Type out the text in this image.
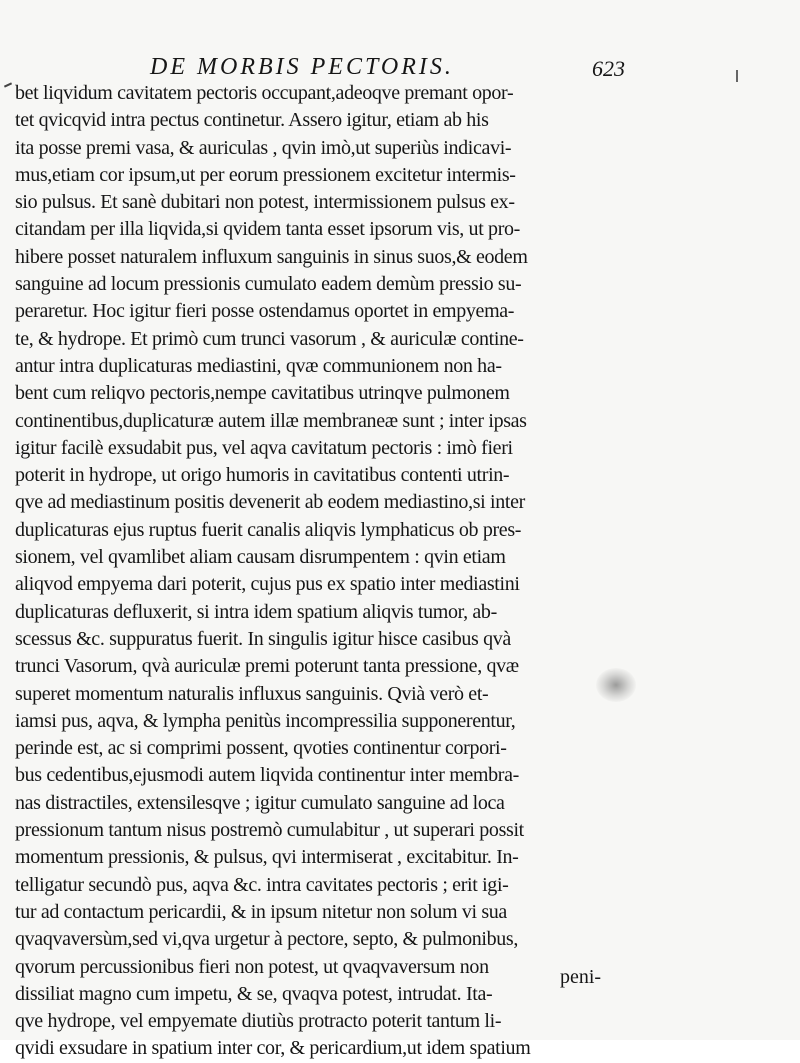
DE MORBIS PECTORIS.	623
bet liqvidum cavitatem pectoris occupant,adeoqve premant opor-
tet qvicqvid intra pectus continetur. Assero igitur, etiam ab his
ita posse premi vasa, & auriculas , qvin imò,ut superiùs indicavi-
mus,etiam cor ipsum,ut per eorum pressionem excitetur intermis-
sio pulsus. Et sanè dubitari non potest, intermissionem pulsus ex-
citandam per illa liqvida,si qvidem tanta esset ipsorum vis, ut pro-
hibere posset naturalem influxum sanguinis in sinus suos,& eodem
sanguine ad locum pressionis cumulato eadem demùm pressio su-
peraretur. Hoc igitur fieri posse ostendamus oportet in empyema-
te, & hydrope. Et primò cum trunci vasorum , & auriculæ contine-
antur intra duplicaturas mediastini, qvæ communionem non ha-
bent cum reliqvo pectoris,nempe cavitatibus utrinqve pulmonem
continentibus,duplicaturæ autem illæ membraneæ sunt ; inter ipsas
igitur facilè exsudabit pus, vel aqva cavitatum pectoris : imò fieri
poterit in hydrope, ut origo humoris in cavitatibus contenti utrin-
qve ad mediastinum positis devenerit ab eodem mediastino,si inter
duplicaturas ejus ruptus fuerit canalis aliqvis lymphaticus ob pres-
sionem, vel qvamlibet aliam causam disrumpentem : qvin etiam
aliqvod empyema dari poterit, cujus pus ex spatio inter mediastini
duplicaturas defluxerit, si intra idem spatium aliqvis tumor, ab-
scessus &c. suppuratus fuerit. In singulis igitur hisce casibus qvà
trunci Vasorum, qvà auriculæ premi poterunt tanta pressione, qvæ
superet momentum naturalis influxus sanguinis. Qvià verò et-
iamsi pus, aqva, & lympha penitùs incompressilia supponerentur,
perinde est, ac si comprimi possent, qvoties continentur corpori-
bus cedentibus,ejusmodi autem liqvida continentur inter membra-
nas distractiles, extensilesqve ; igitur cumulato sanguine ad loca
pressionum tantum nisus postremò cumulabitur , ut superari possit
momentum pressionis, & pulsus, qvi intermiserat , excitabitur. In-
telligatur secundò pus, aqva &c. intra cavitates pectoris ; erit igi-
tur ad contactum pericardii, & in ipsum nitetur non solum vi sua
qvaqvaversùm,sed vi,qva urgetur à pectore, septo, & pulmonibus,
qvorum percussionibus fieri non potest, ut qvaqvaversum non
dissiliat magno cum impetu, & se, qvaqva potest, intrudat. Ita-
qve hydrope, vel empyemate diutiùs protracto poterit tantum li-
qvidi exsudare in spatium inter cor, & pericardium,ut idem spatium
peni-
